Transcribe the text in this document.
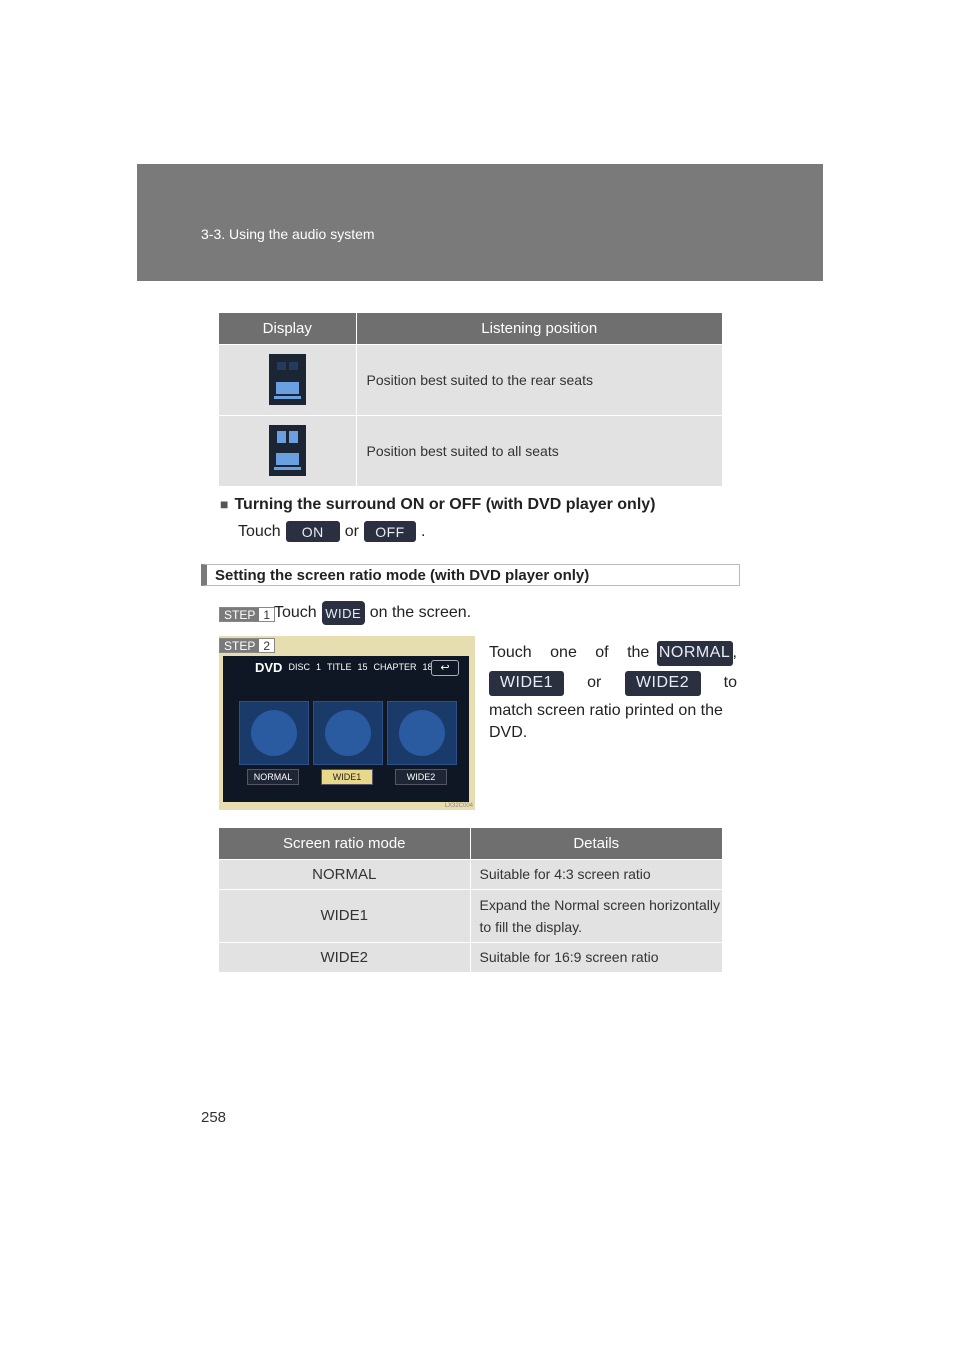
3-3. Using the audio system
Display	Listening position
	Position best suited to the rear seats
	Position best suited to all seats
■ Turning the surround ON or OFF (with DVD player only)
Touch	ON	or	OFF	.
Setting the screen ratio mode (with DVD player only)
STEP 1 Touch WIDE on the screen.
STEP 2
DVD DISC 1 TITLE 15 CHAPTER 18 ↩
NORMAL	WIDE1	WIDE2
LX32C004
Touch one of the NORMAL ,
WIDE1	or	WIDE2	to
match screen ratio printed on the DVD.
Screen ratio mode	Details
NORMAL	Suitable for 4:3 screen ratio
WIDE1	Expand the Normal screen horizontally to fill the display.
WIDE2	Suitable for 16:9 screen ratio
258
